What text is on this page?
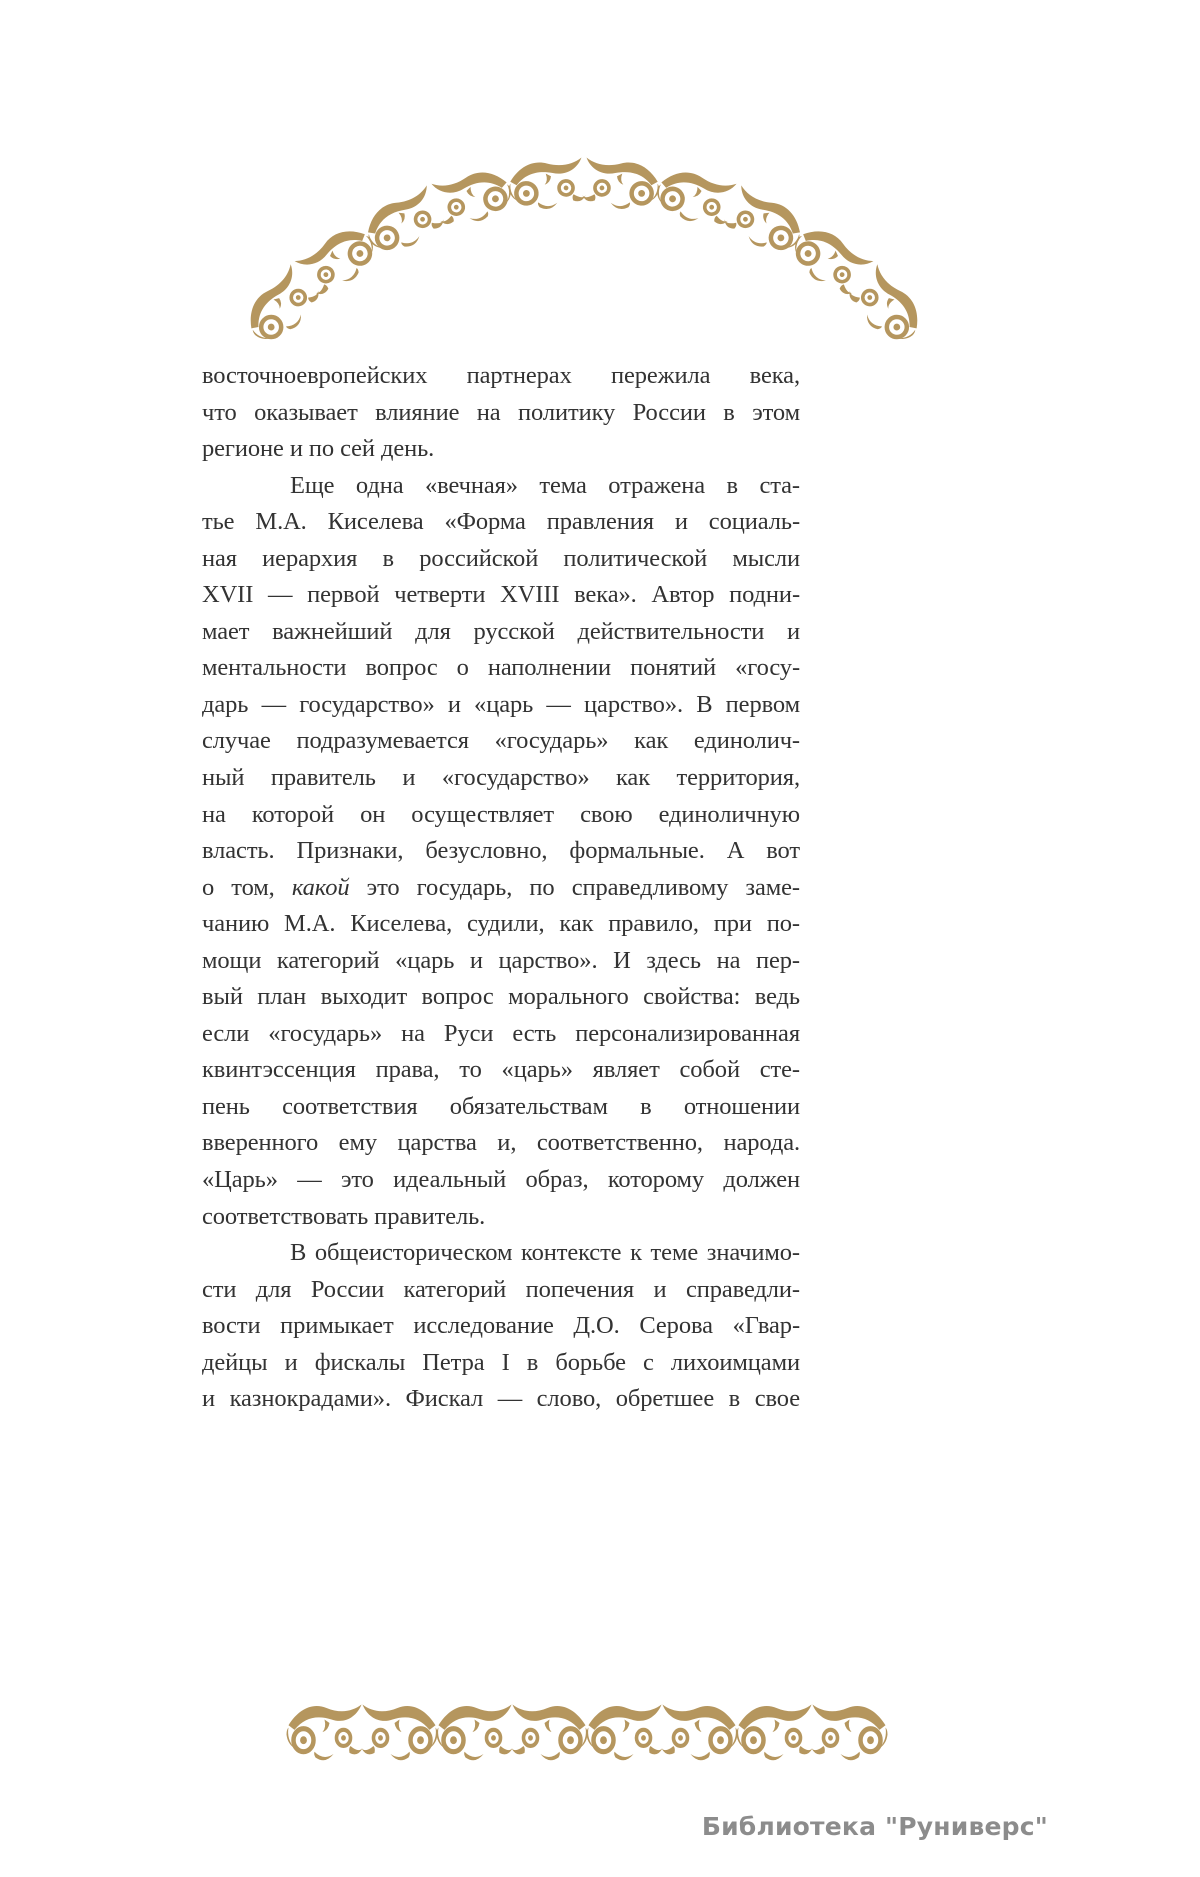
восточноевропейских партнерах пережила века,
что оказывает влияние на политику России в этом
регионе и по сей день.
Еще одна «вечная» тема отражена в ста-
тье М.А. Киселева «Форма правления и социаль-
ная иерархия в российской политической мысли
XVII — первой четверти XVIII века». Автор подни-
мает важнейший для русской действительности и
ментальности вопрос о наполнении понятий «госу-
дарь — государство» и «царь — царство». В первом
случае подразумевается «государь» как единолич-
ный правитель и «государство» как территория,
на которой он осуществляет свою единоличную
власть. Признаки, безусловно, формальные. А вот
о том, какой это государь, по справедливому заме-
чанию М.А. Киселева, судили, как правило, при по-
мощи категорий «царь и царство». И здесь на пер-
вый план выходит вопрос морального свойства: ведь
если «государь» на Руси есть персонализированная
квинтэссенция права, то «царь» являет собой сте-
пень соответствия обязательствам в отношении
вверенного ему царства и, соответственно, народа.
«Царь» — это идеальный образ, которому должен
соответствовать правитель.
В общеисторическом контексте к теме значимо-
сти для России категорий попечения и справедли-
вости примыкает исследование Д.О. Серова «Гвар-
дейцы и фискалы Петра I в борьбе с лихоимцами
и казнокрадами». Фискал — слово, обретшее в свое
Библиотека "Руниверс"
